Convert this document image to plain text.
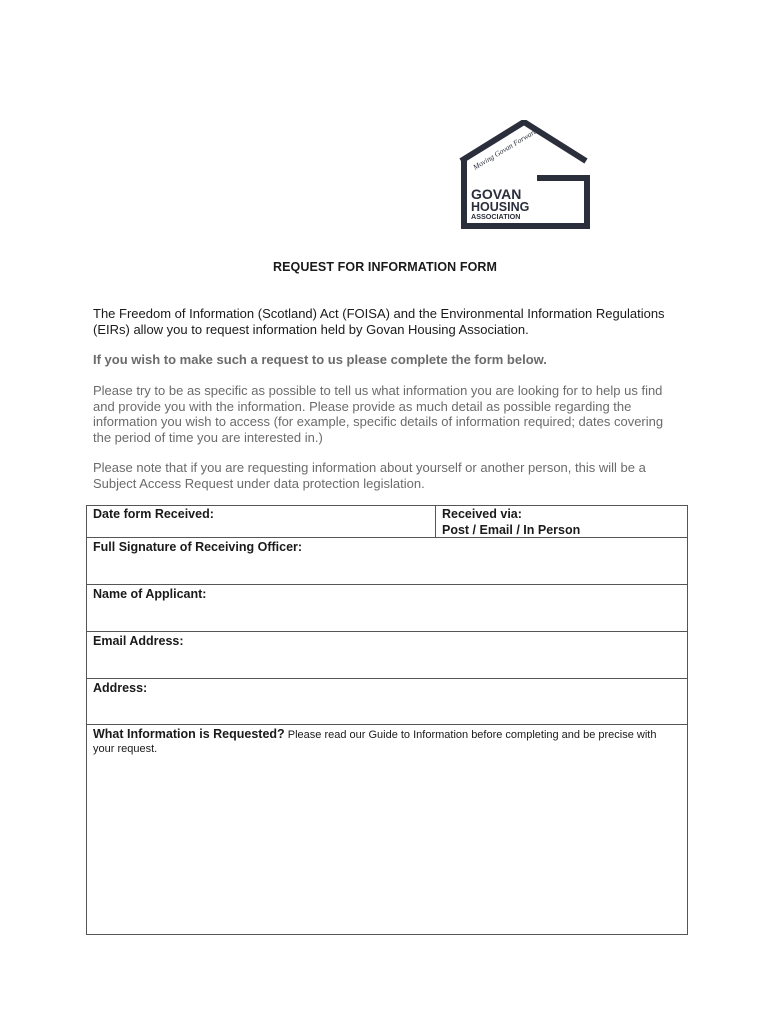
Moving Govan Forward
GOVAN
HOUSING
ASSOCIATION
REQUEST FOR INFORMATION FORM
The Freedom of Information (Scotland) Act (FOISA) and the Environmental Information Regulations (EIRs) allow you to request information held by Govan Housing Association.
If you wish to make such a request to us please complete the form below.
Please try to be as specific as possible to tell us what information you are looking for to help us find and provide you with the information. Please provide as much detail as possible regarding the information you wish to access (for example, specific details of information required; dates covering the period of time you are interested in.)
Please note that if you are requesting information about yourself or another person, this will be a Subject Access Request under data protection legislation.
Date form Received:	Received via:
Post / Email / In Person
Full Signature of Receiving Officer:
Name of Applicant:
Email Address:
Address:
What Information is Requested? Please read our Guide to Information before completing and be precise with your request.
